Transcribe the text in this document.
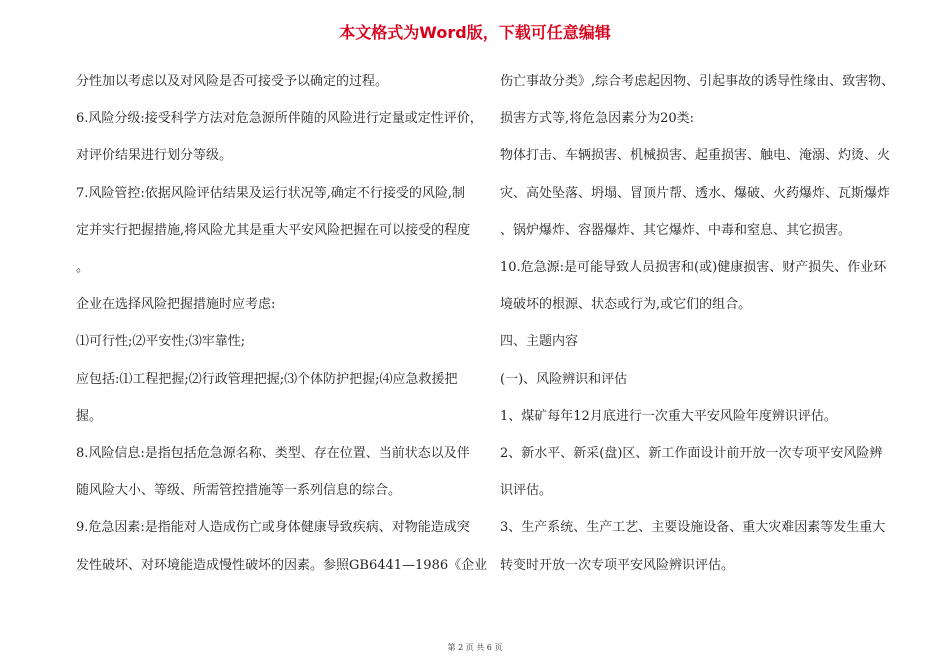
本文格式为Word版，下载可任意编辑

分性加以考虑以及对风险是否可接受予以确定的过程。

6.风险分级:接受科学方法对危急源所伴随的风险进行定量或定性评价，

对评价结果进行划分等级。

7.风险管控:依据风险评估结果及运行状况等,确定不行接受的风险,制

定并实行把握措施,将风险尤其是重大平安风险把握在可以接受的程度

。

企业在选择风险把握措施时应考虑:

⑴可行性;⑵平安性;⑶牢靠性;

应包括:⑴工程把握;⑵行政管理把握;⑶个体防护把握;⑷应急救援把

握。

8.风险信息:是指包括危急源名称、类型、存在位置、当前状态以及伴

随风险大小、等级、所需管控措施等一系列信息的综合。

9.危急因素:是指能对人造成伤亡或身体健康导致疾病、对物能造成突

发性破坏、对环境能造成慢性破坏的因素。参照GB6441—1986《企业

伤亡事故分类》,综合考虑起因物、引起事故的诱导性缘由、致害物、

损害方式等,将危急因素分为20类:

物体打击、车辆损害、机械损害、起重损害、触电、淹溺、灼烫、火

灾、高处坠落、坍塌、冒顶片帮、透水、爆破、火药爆炸、瓦斯爆炸

、锅炉爆炸、容器爆炸、其它爆炸、中毒和窒息、其它损害。

10.危急源:是可能导致人员损害和(或)健康损害、财产损失、作业环

境破坏的根源、状态或行为,或它们的组合。

四、主题内容

(一)、风险辨识和评估

1、煤矿每年12月底进行一次重大平安风险年度辨识评估。

2、新水平、新采(盘)区、新工作面设计前开放一次专项平安风险辨

识评估。

3、生产系统、生产工艺、主要设施设备、重大灾难因素等发生重大

转变时开放一次专项平安风险辨识评估。

第 2 页 共 6 页
